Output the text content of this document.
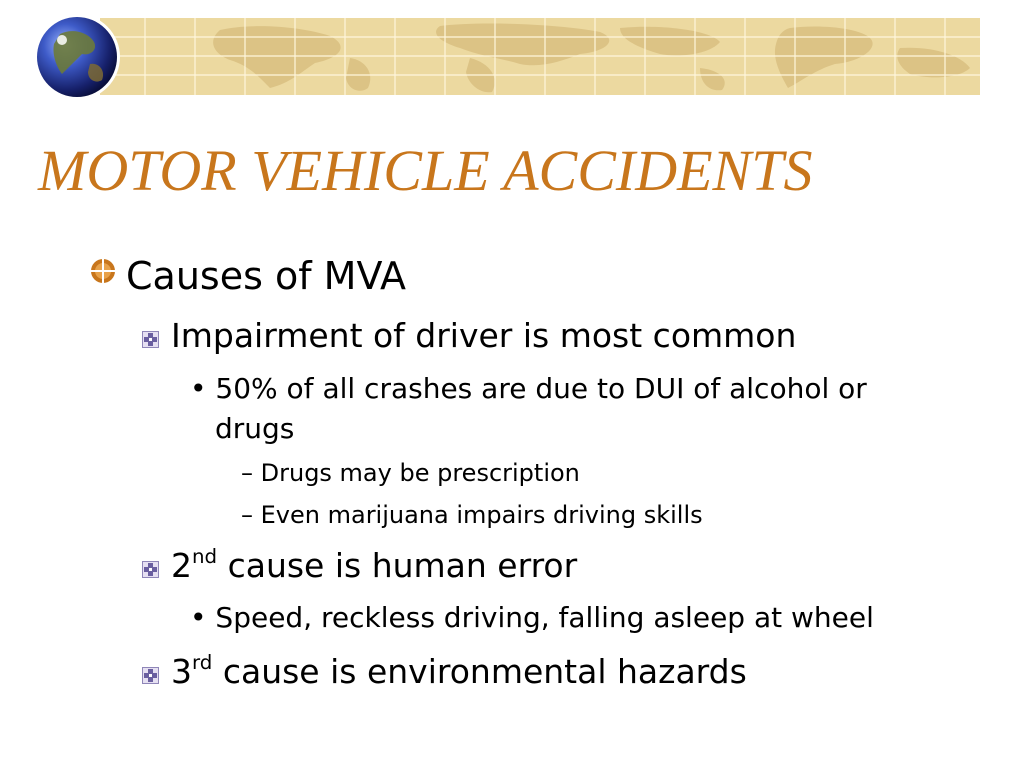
MOTOR VEHICLE ACCIDENTS
Causes of MVA
Impairment of driver is most common
• 50% of all crashes are due to DUI of alcohol or
drugs
– Drugs may be prescription
– Even marijuana impairs driving skills
2nd cause is human error
• Speed, reckless driving, falling asleep at wheel
3rd cause is environmental hazards
